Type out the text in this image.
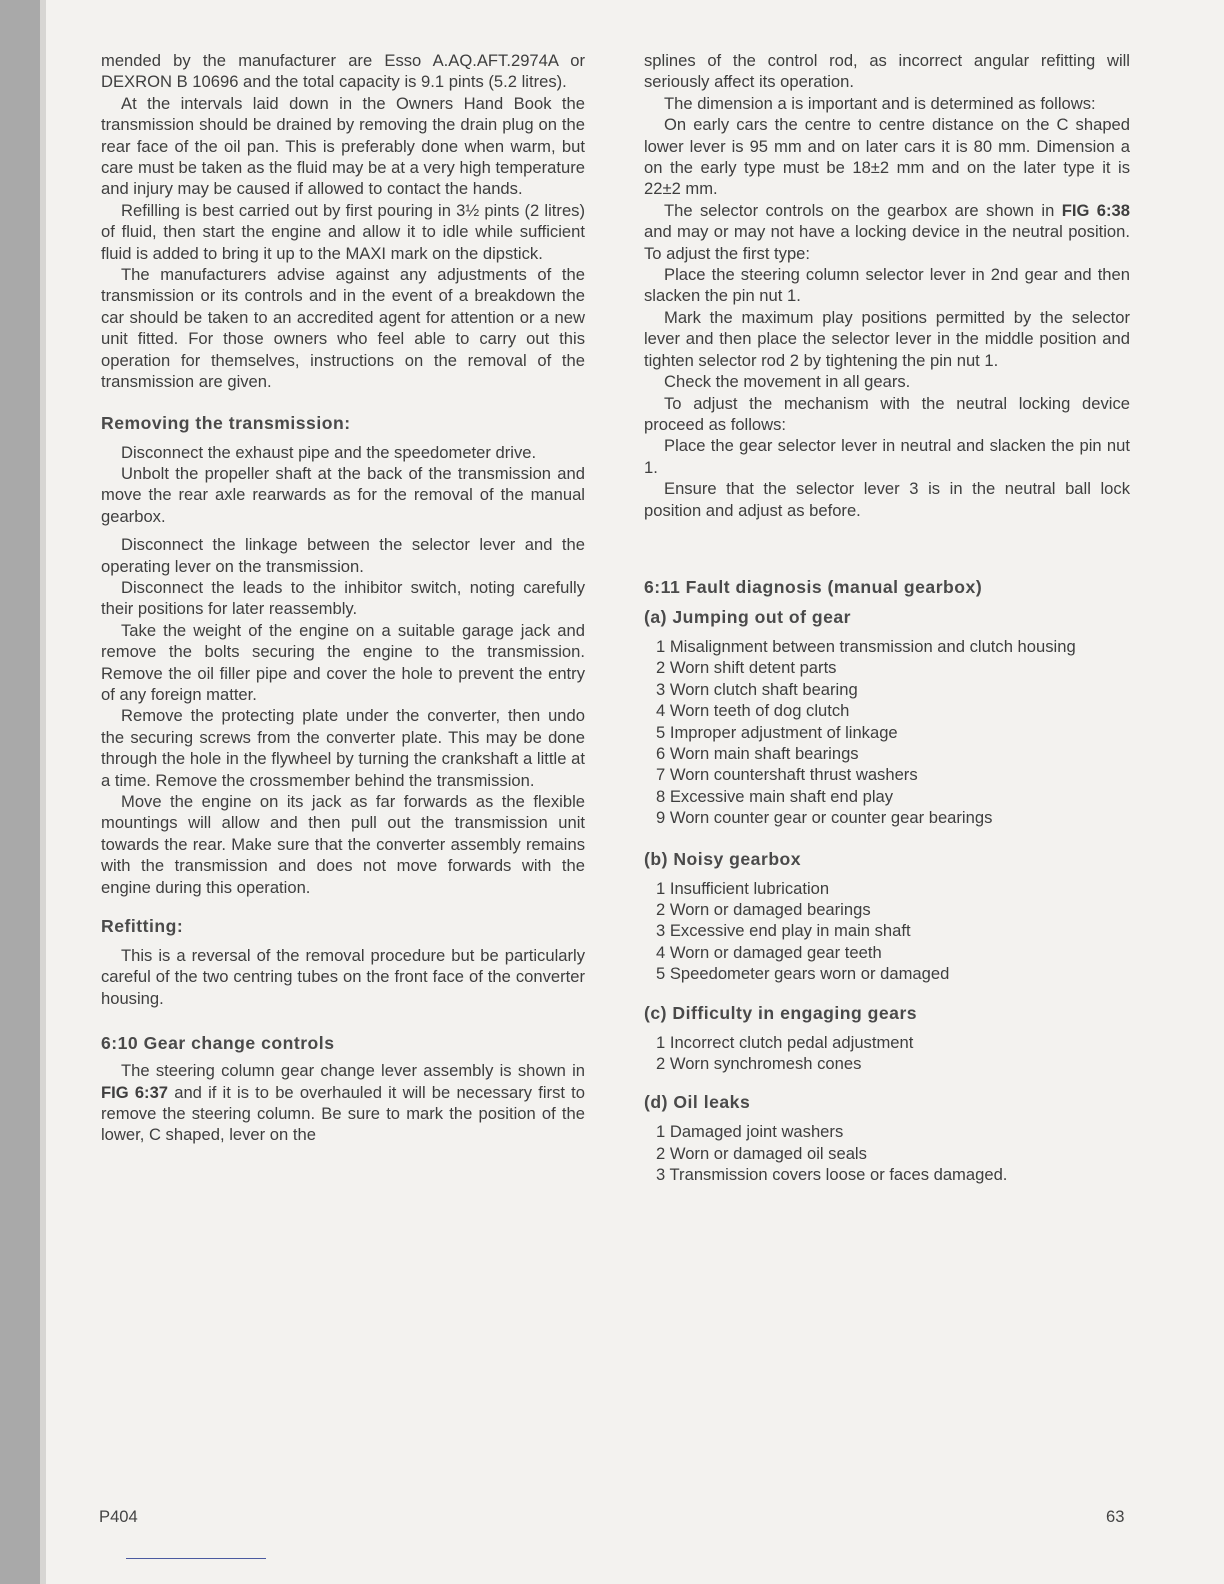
mended by the manufacturer are Esso A.AQ.AFT.2974A or DEXRON B 10696 and the total capacity is 9.1 pints (5.2 litres).

At the intervals laid down in the Owners Hand Book the transmission should be drained by removing the drain plug on the rear face of the oil pan. This is preferably done when warm, but care must be taken as the fluid may be at a very high temperature and injury may be caused if allowed to contact the hands.

Refilling is best carried out by first pouring in 3½ pints (2 litres) of fluid, then start the engine and allow it to idle while sufficient fluid is added to bring it up to the MAXI mark on the dipstick.

The manufacturers advise against any adjustments of the transmission or its controls and in the event of a breakdown the car should be taken to an accredited agent for attention or a new unit fitted. For those owners who feel able to carry out this operation for themselves, instructions on the removal of the transmission are given.

Removing the transmission:

Disconnect the exhaust pipe and the speedometer drive.

Unbolt the propeller shaft at the back of the transmission and move the rear axle rearwards as for the removal of the manual gearbox.

Disconnect the linkage between the selector lever and the operating lever on the transmission.

Disconnect the leads to the inhibitor switch, noting carefully their positions for later reassembly.

Take the weight of the engine on a suitable garage jack and remove the bolts securing the engine to the transmission. Remove the oil filler pipe and cover the hole to prevent the entry of any foreign matter.

Remove the protecting plate under the converter, then undo the securing screws from the converter plate. This may be done through the hole in the flywheel by turning the crankshaft a little at a time. Remove the crossmember behind the transmission.

Move the engine on its jack as far forwards as the flexible mountings will allow and then pull out the transmission unit towards the rear. Make sure that the converter assembly remains with the transmission and does not move forwards with the engine during this operation.

Refitting:

This is a reversal of the removal procedure but be particularly careful of the two centring tubes on the front face of the converter housing.

6:10 Gear change controls

The steering column gear change lever assembly is shown in FIG 6:37 and if it is to be overhauled it will be necessary first to remove the steering column. Be sure to mark the position of the lower, C shaped, lever on the

splines of the control rod, as incorrect angular refitting will seriously affect its operation.

The dimension a is important and is determined as follows:

On early cars the centre to centre distance on the C shaped lower lever is 95 mm and on later cars it is 80 mm. Dimension a on the early type must be 18±2 mm and on the later type it is 22±2 mm.

The selector controls on the gearbox are shown in FIG 6:38 and may or may not have a locking device in the neutral position. To adjust the first type:

Place the steering column selector lever in 2nd gear and then slacken the pin nut 1.

Mark the maximum play positions permitted by the selector lever and then place the selector lever in the middle position and tighten selector rod 2 by tightening the pin nut 1.

Check the movement in all gears.

To adjust the mechanism with the neutral locking device proceed as follows:

Place the gear selector lever in neutral and slacken the pin nut 1.

Ensure that the selector lever 3 is in the neutral ball lock position and adjust as before.

6:11 Fault diagnosis (manual gearbox)
(a) Jumping out of gear
1 Misalignment between transmission and clutch housing
2 Worn shift detent parts
3 Worn clutch shaft bearing
4 Worn teeth of dog clutch
5 Improper adjustment of linkage
6 Worn main shaft bearings
7 Worn countershaft thrust washers
8 Excessive main shaft end play
9 Worn counter gear or counter gear bearings
(b) Noisy gearbox
1 Insufficient lubrication
2 Worn or damaged bearings
3 Excessive end play in main shaft
4 Worn or damaged gear teeth
5 Speedometer gears worn or damaged
(c) Difficulty in engaging gears
1 Incorrect clutch pedal adjustment
2 Worn synchromesh cones
(d) Oil leaks
1 Damaged joint washers
2 Worn or damaged oil seals
3 Transmission covers loose or faces damaged.
P404	63
